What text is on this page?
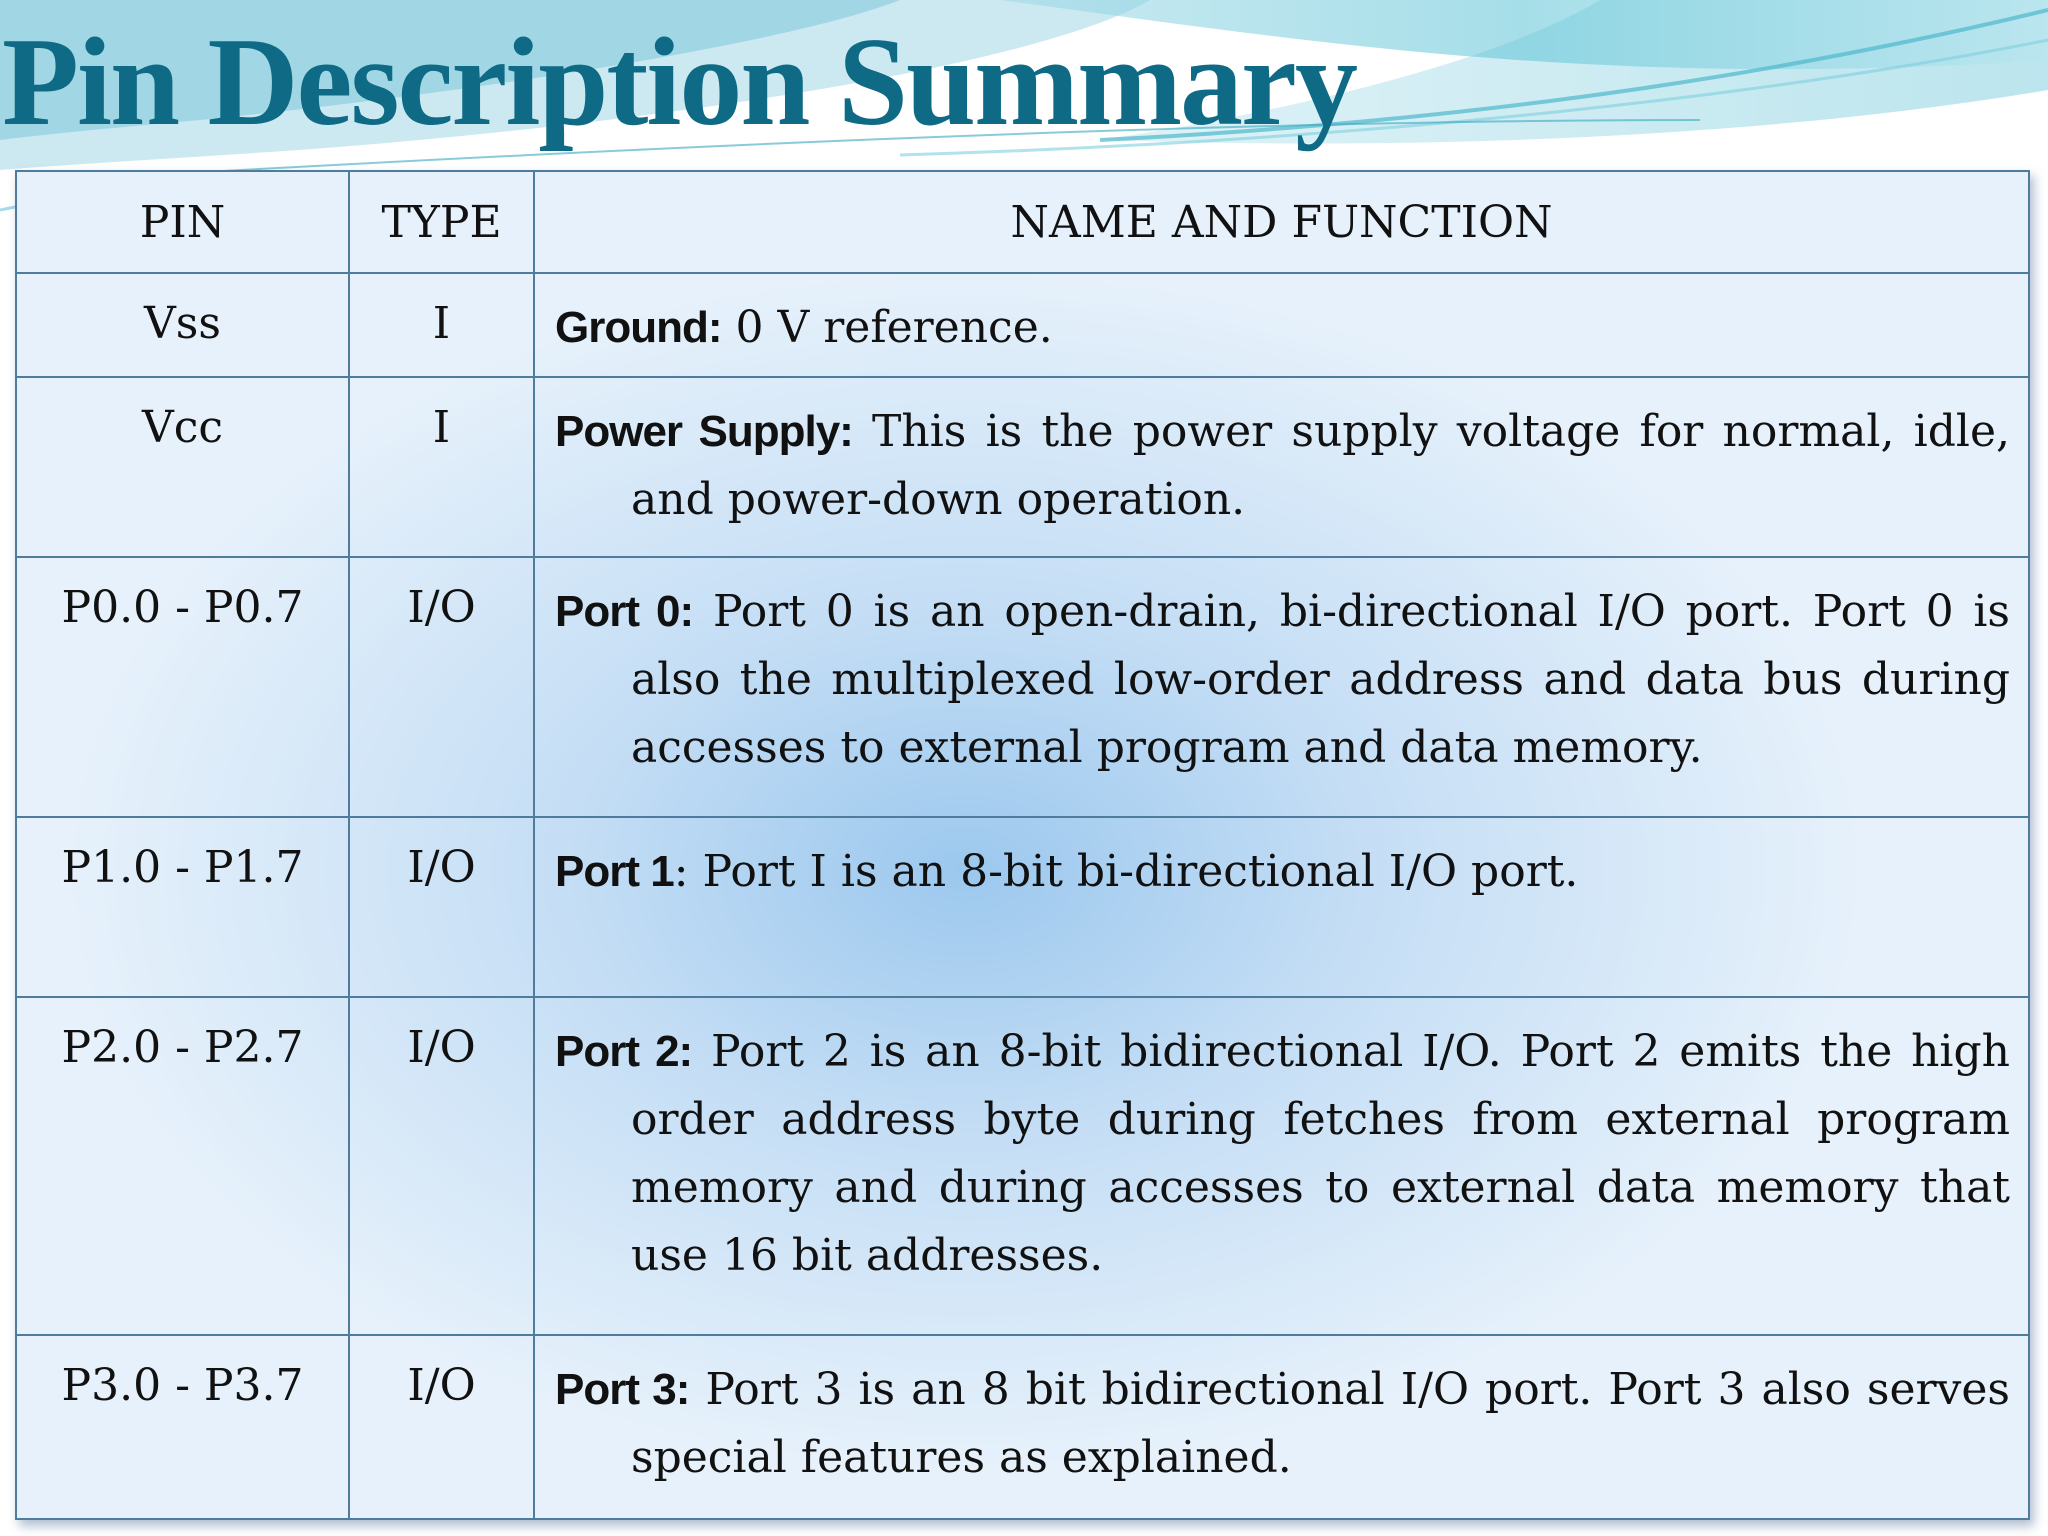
Pin Description Summary
PIN	TYPE	NAME AND FUNCTION
Vss	I	Ground: 0 V reference.
Vcc	I	Power Supply: This is the power supply voltage for normal, idle, and power-down operation.
P0.0 - P0.7	I/O	Port 0: Port 0 is an open-drain, bi-directional I/O port. Port 0 is also the multiplexed low-order address and data bus during accesses to external program and data memory.
P1.0 - P1.7	I/O	Port 1: Port I is an 8-bit bi-directional I/O port.
P2.0 - P2.7	I/O	Port 2: Port 2 is an 8-bit bidirectional I/O. Port 2 emits the high order address byte during fetches from external program memory and during accesses to external data memory that use 16 bit addresses.
P3.0 - P3.7	I/O	Port 3: Port 3 is an 8 bit bidirectional I/O port. Port 3 also serves special features as explained.
